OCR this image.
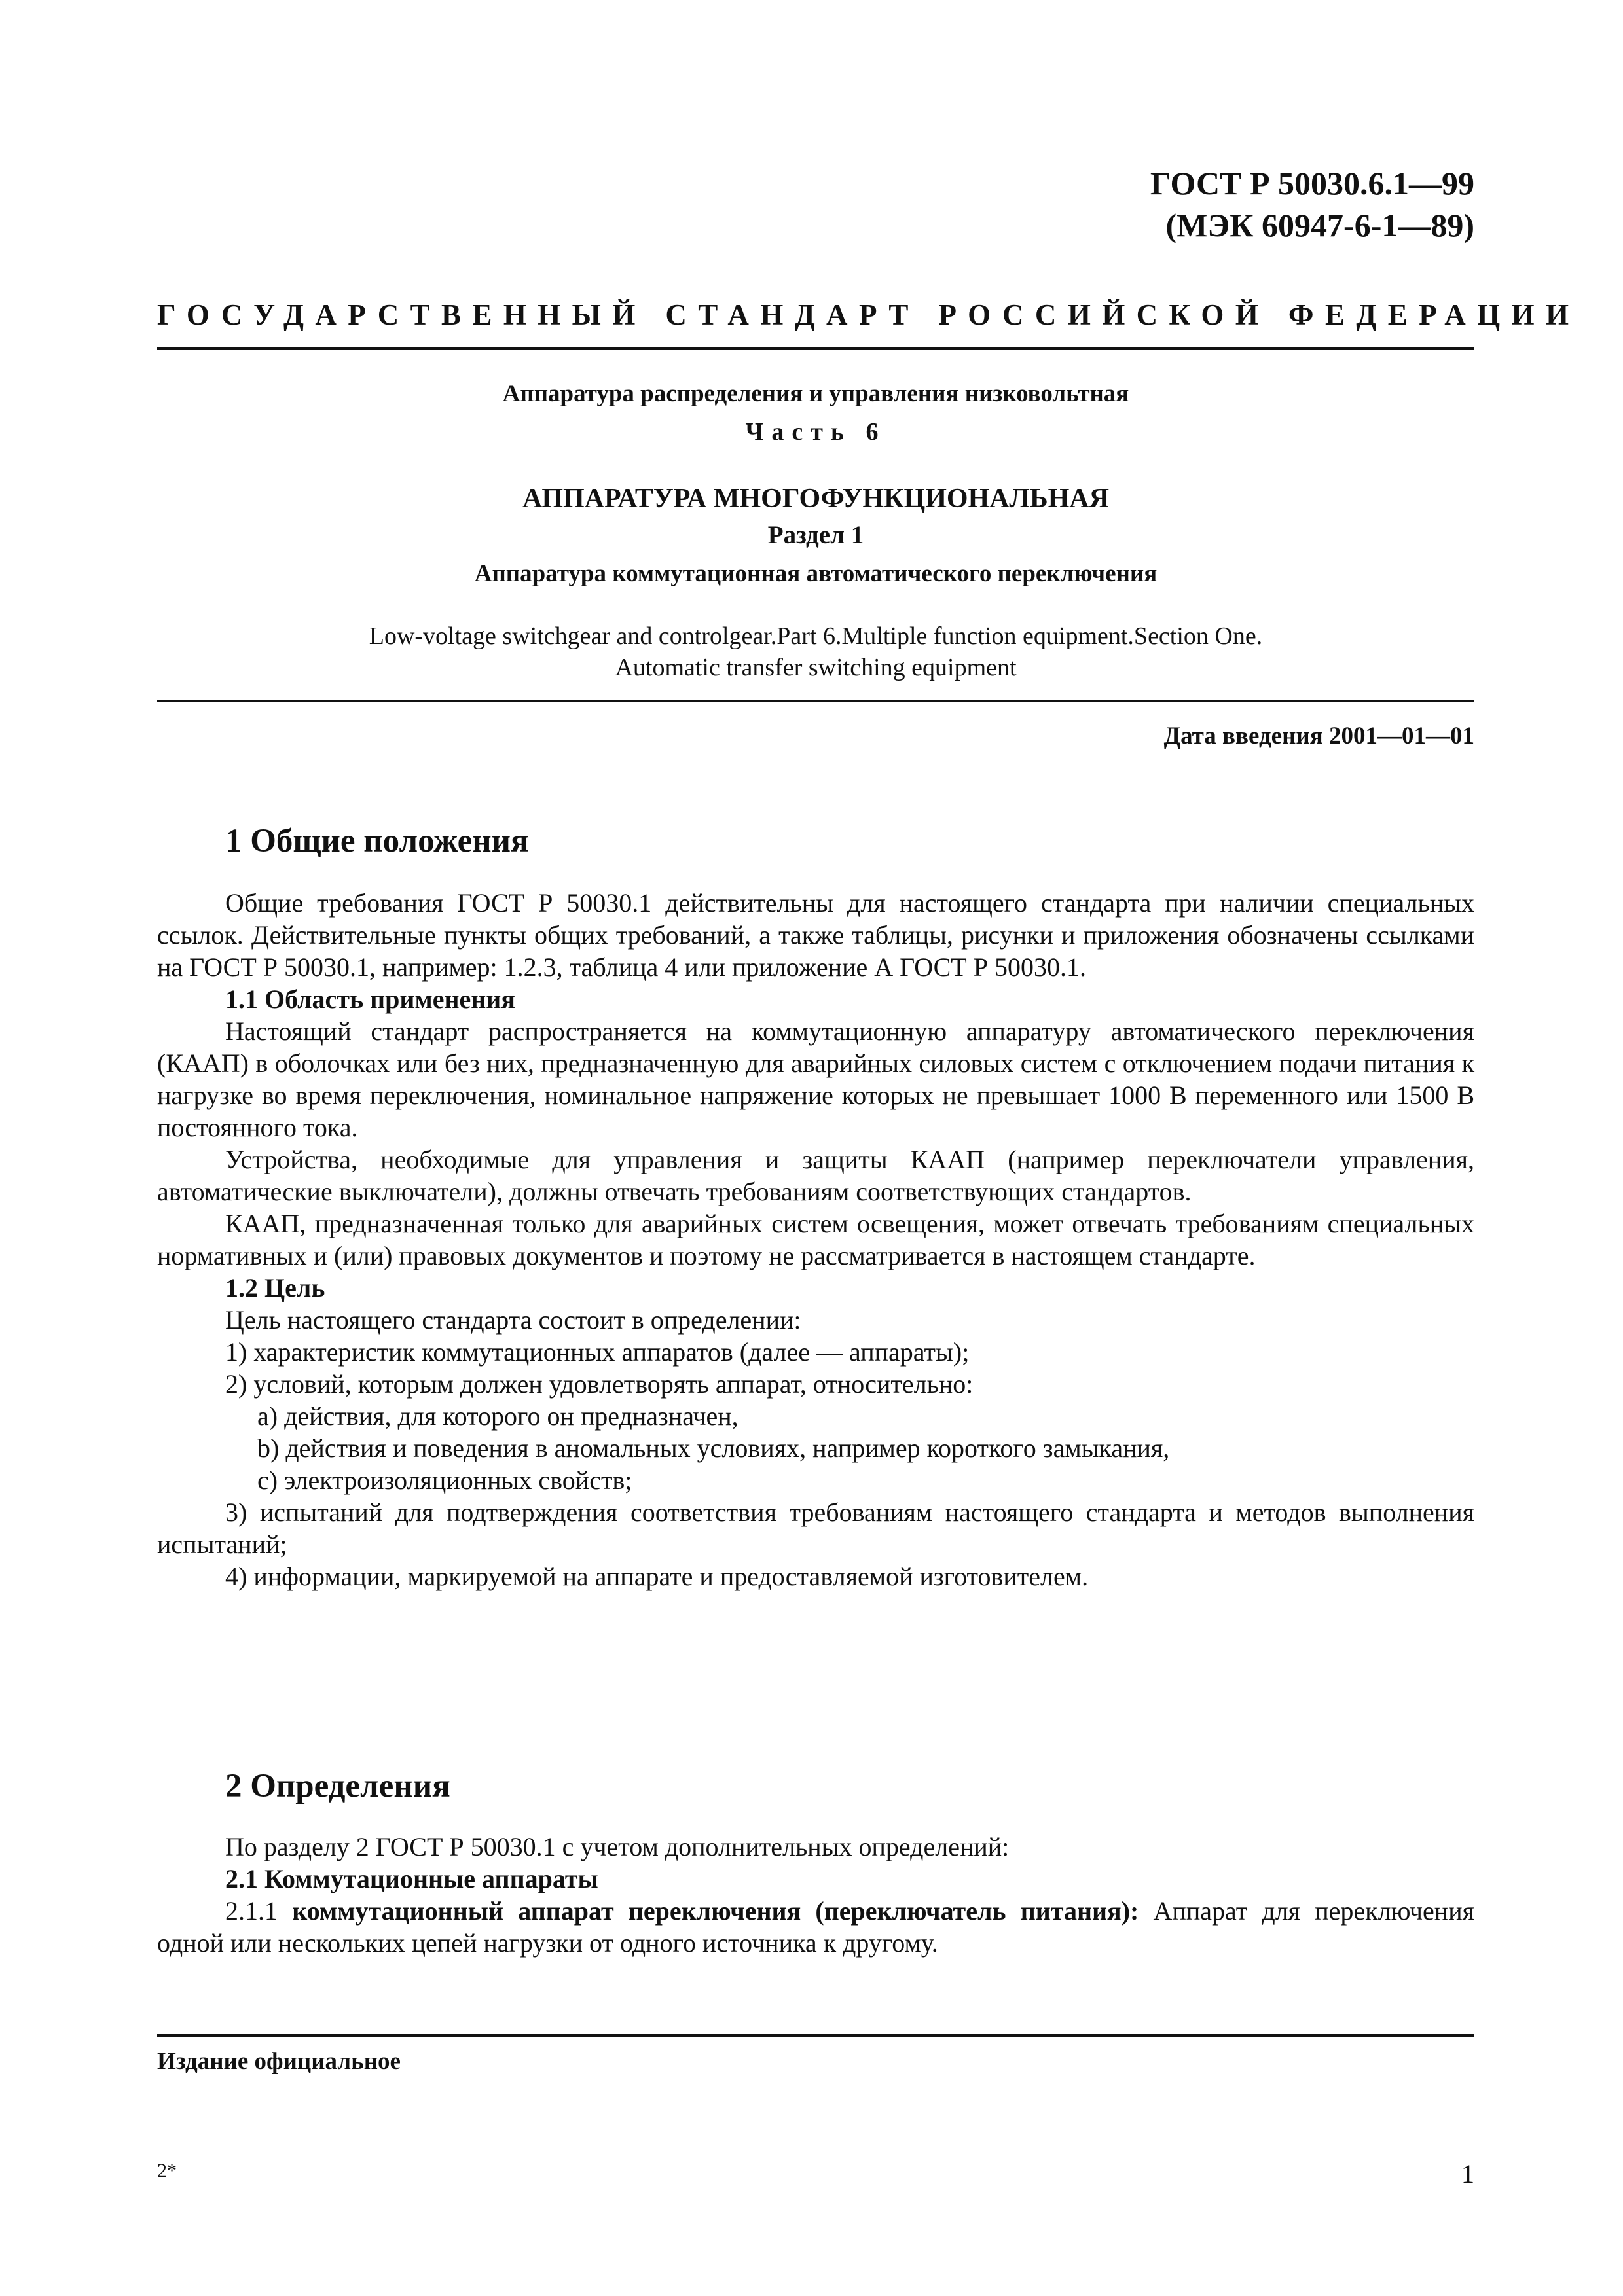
ГОСТ Р 50030.6.1—99
(МЭК 60947-6-1—89)
ГОСУДАРСТВЕННЫЙ СТАНДАРТ РОССИЙСКОЙ ФЕДЕРАЦИИ
Аппаратура распределения и управления низковольтная
Часть 6
АППАРАТУРА МНОГОФУНКЦИОНАЛЬНАЯ
Раздел 1
Аппаратура коммутационная автоматического переключения
Low-voltage switchgear and controlgear.Part 6.Multiple function equipment.Section One.
Automatic transfer switching equipment
Дата введения 2001—01—01
1 Общие положения

Общие требования ГОСТ Р 50030.1 действительны для настоящего стандарта при наличии специальных ссылок. Действительные пункты общих требований, а также таблицы, рисунки и приложения обозначены ссылками на ГОСТ Р 50030.1, например: 1.2.3, таблица 4 или приложение А ГОСТ Р 50030.1.

1.1 Область применения

Настоящий стандарт распространяется на коммутационную аппаратуру автоматического переключения (КААП) в оболочках или без них, предназначенную для аварийных силовых систем с отключением подачи питания к нагрузке во время переключения, номинальное напряжение которых не превышает 1000 В переменного или 1500 В постоянного тока.

Устройства, необходимые для управления и защиты КААП (например переключатели управления, автоматические выключатели), должны отвечать требованиям соответствующих стандартов.

КААП, предназначенная только для аварийных систем освещения, может отвечать требованиям специальных нормативных и (или) правовых документов и поэтому не рассматривается в настоящем стандарте.

1.2 Цель

Цель настоящего стандарта состоит в определении:

1) характеристик коммутационных аппаратов (далее — аппараты);

2) условий, которым должен удовлетворять аппарат, относительно:

a) действия, для которого он предназначен,

b) действия и поведения в аномальных условиях, например короткого замыкания,

c) электроизоляционных свойств;

3) испытаний для подтверждения соответствия требованиям настоящего стандарта и методов выполнения испытаний;

4) информации, маркируемой на аппарате и предоставляемой изготовителем.

2 Определения

По разделу 2 ГОСТ Р 50030.1 с учетом дополнительных определений:

2.1 Коммутационные аппараты

2.1.1 коммутационный аппарат переключения (переключатель питания): Аппарат для переключения одной или нескольких цепей нагрузки от одного источника к другому.

Издание официальное
2*	1
